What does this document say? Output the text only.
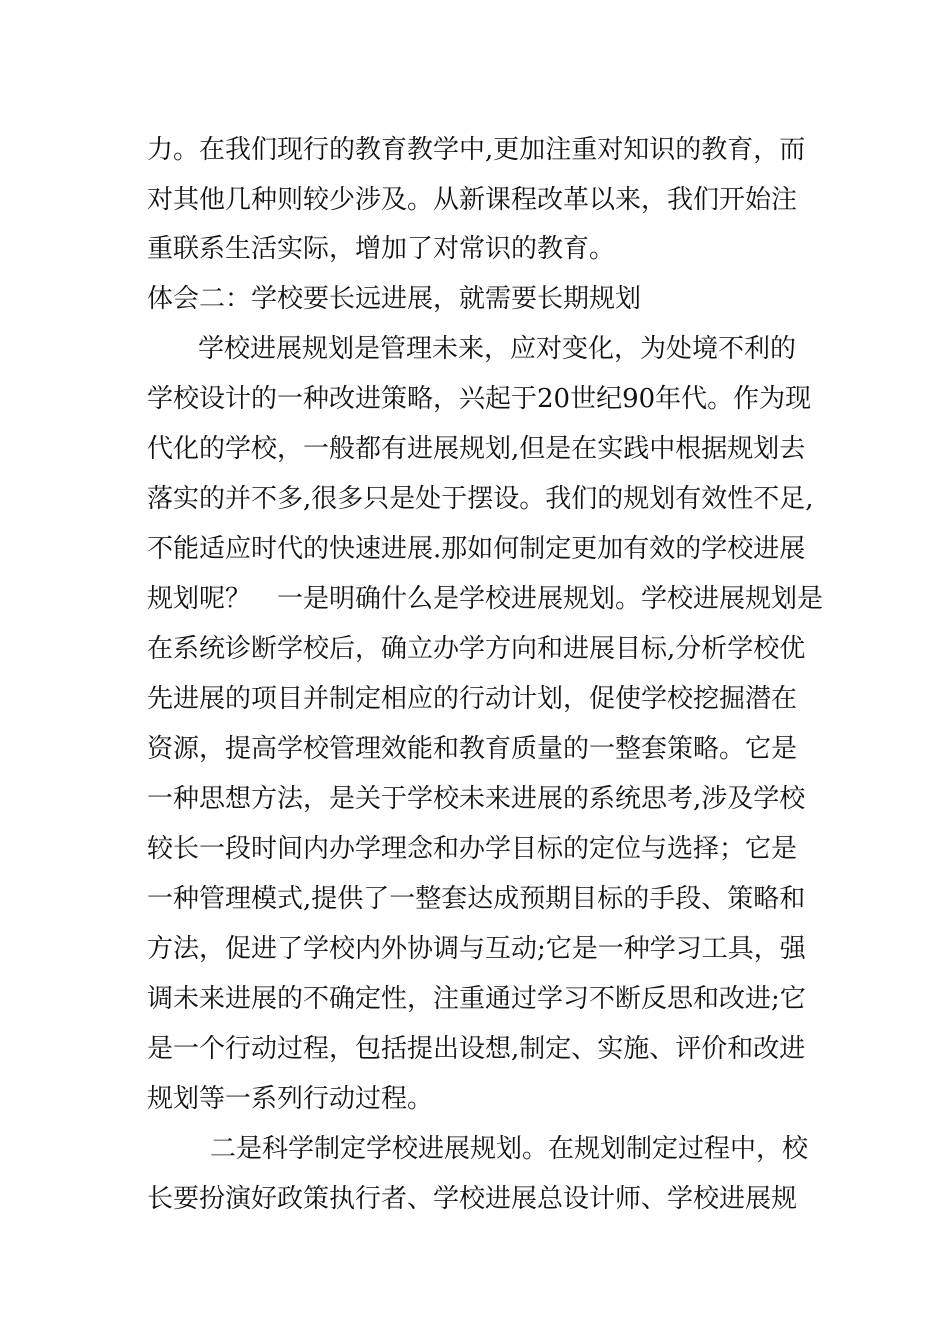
力。在我们现行的教育教学中,更加注重对知识的教育，而

对其他几种则较少涉及。从新课程改革以来，我们开始注

重联系生活实际，增加了对常识的教育。

体会二：学校要长远进展，就需要长期规划

学校进展规划是管理未来，应对变化，为处境不利的

学校设计的一种改进策略，兴起于20世纪90年代。作为现

代化的学校，一般都有进展规划,但是在实践中根据规划去

落实的并不多,很多只是处于摆设。我们的规划有效性不足,

不能适应时代的快速进展.那如何制定更加有效的学校进展

规划呢？　一是明确什么是学校进展规划。学校进展规划是

在系统诊断学校后，确立办学方向和进展目标,分析学校优

先进展的项目并制定相应的行动计划，促使学校挖掘潜在

资源，提高学校管理效能和教育质量的一整套策略。它是

一种思想方法，是关于学校未来进展的系统思考,涉及学校

较长一段时间内办学理念和办学目标的定位与选择；它是

一种管理模式,提供了一整套达成预期目标的手段、策略和

方法，促进了学校内外协调与互动;它是一种学习工具，强

调未来进展的不确定性，注重通过学习不断反思和改进;它

是一个行动过程，包括提出设想,制定、实施、评价和改进

规划等一系列行动过程。

二是科学制定学校进展规划。在规划制定过程中，校

长要扮演好政策执行者、学校进展总设计师、学校进展规
